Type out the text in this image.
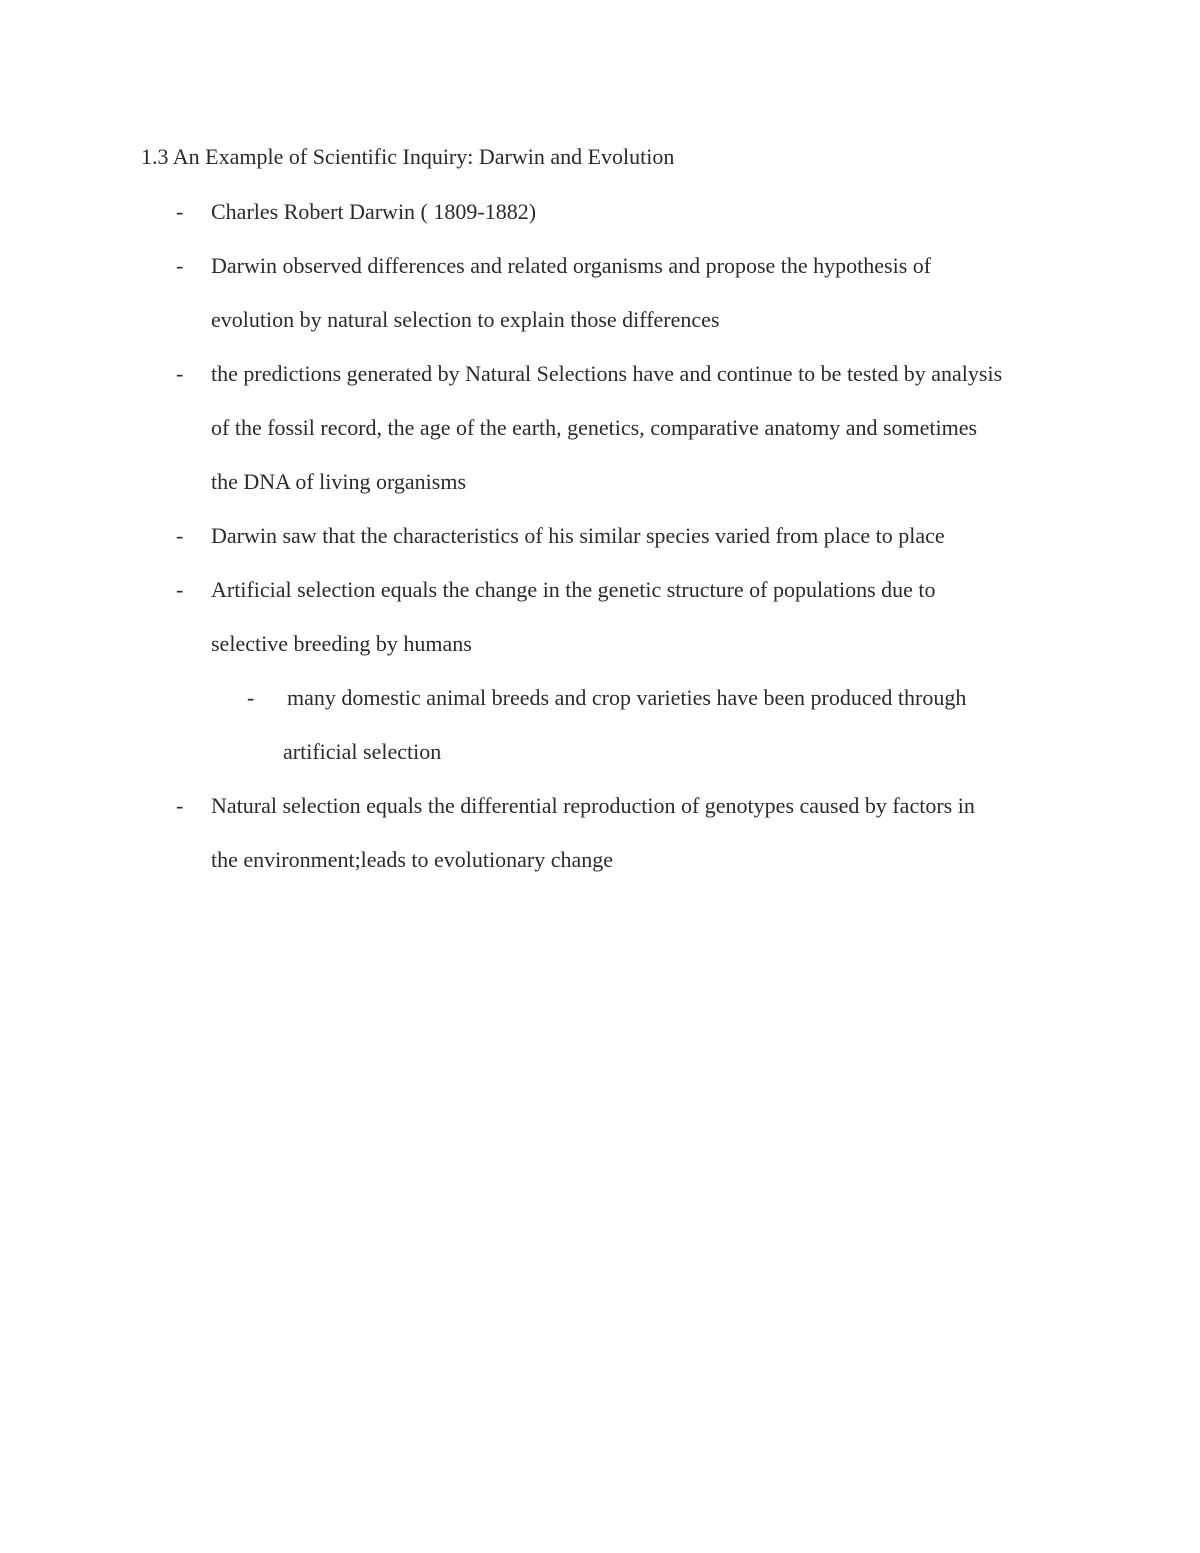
1.3 An Example of Scientific Inquiry: Darwin and Evolution
- Charles Robert Darwin ( 1809-1882)
- Darwin observed differences and related organisms and propose the hypothesis of
evolution by natural selection to explain those differences
- the predictions generated by Natural Selections have and continue to be tested by analysis
of the fossil record, the age of the earth, genetics, comparative anatomy and sometimes
the DNA of living organisms
- Darwin saw that the characteristics of his similar species varied from place to place
- Artificial selection equals the change in the genetic structure of populations due to
selective breeding by humans
- many domestic animal breeds and crop varieties have been produced through
artificial selection
- Natural selection equals the differential reproduction of genotypes caused by factors in
the environment;leads to evolutionary change
